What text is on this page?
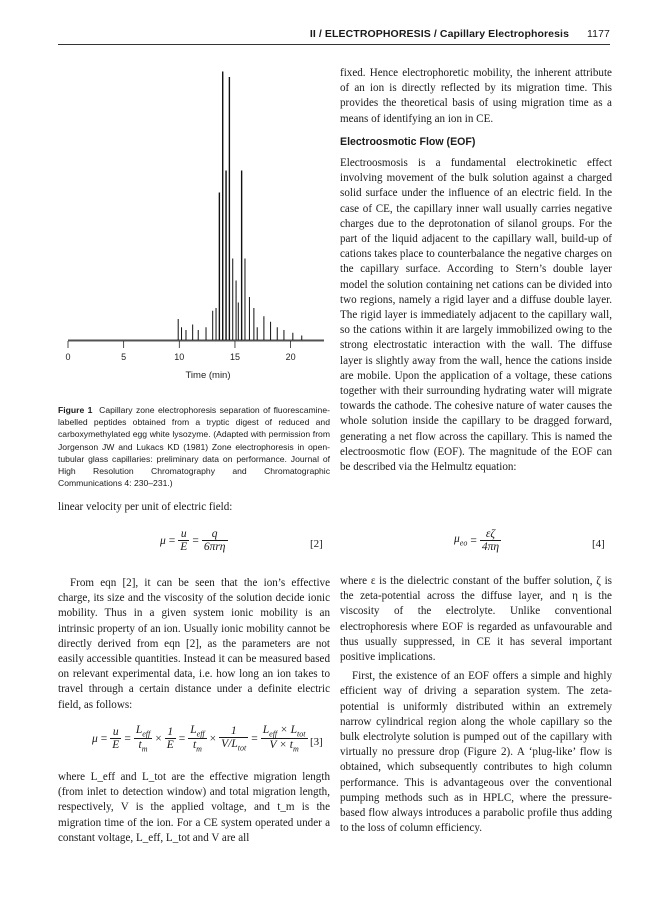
II / ELECTROPHORESIS / Capillary Electrophoresis 1177
0	5	10	15	20
Time (min)
Figure 1 Capillary zone electrophoresis separation of fluorescamine-labelled peptides obtained from a tryptic digest of reduced and carboxymethylated egg white lysozyme. (Adapted with permission from Jorgenson JW and Lukacs KD (1981) Zone electrophoresis in open-tubular glass capillaries: preliminary data on performance. Journal of High Resolution Chromatography and Chromatographic Communications 4: 230–231.)

linear velocity per unit of electric field:

$\mu = \frac{u}{E} = \frac{q}{\text{6πrη}}$	[2]

From eqn [2], it can be seen that the ion’s effective charge, its size and the viscosity of the solution decide ionic mobility. Thus in a given system ionic mobility is an intrinsic property of an ion. Usually ionic mobility cannot be directly derived from eqn [2], as the parameters are not easily accessible quantities. Instead it can be measured based on relevant experimental data, i.e. how long an ion takes to travel through a certain distance under a definite electric field, as follows:

$\mu = \frac{u}{E} = \frac{L_{eff}}{t_m} \times \frac{1}{E} = \frac{L_{eff}}{t_m} \times \frac{1}{V/L_{tot}} = \frac{L_{eff} \times L_{tot}}{V \times t_m} [3]$

where L_eff and L_tot are the effective migration length (from inlet to detection window) and total migration length, respectively, V is the applied voltage, and t_m is the migration time of the ion. For a CE system operated under a constant voltage, L_eff, L_tot and V are all

fixed. Hence electrophoretic mobility, the inherent attribute of an ion is directly reflected by its migration time. This provides the theoretical basis of using migration time as a means of identifying an ion in CE.

Electroosmotic Flow (EOF)

Electroosmosis is a fundamental electrokinetic effect involving movement of the bulk solution against a charged solid surface under the influence of an electric field. In the case of CE, the capillary inner wall usually carries negative charges due to the deprotonation of silanol groups. For the part of the liquid adjacent to the capillary wall, build-up of cations takes place to counterbalance the negative charges on the capillary surface. According to Stern’s double layer model the solution containing net cations can be divided into two regions, namely a rigid layer and a diffuse double layer. The rigid layer is immediately adjacent to the capillary wall, so the cations within it are largely immobilized owing to the strong electrostatic interaction with the wall. The diffuse layer is slightly away from the wall, hence the cations inside are mobile. Upon the application of a voltage, these cations together with their surrounding hydrating water will migrate towards the cathode. The cohesive nature of water causes the whole solution inside the capillary to be dragged forward, generating a net flow across the capillary. This is named the electroosmotic flow (EOF). The magnitude of the EOF can be described via the Helmultz equation:

$\mu_{eo} = \frac{\varepsilon\zeta}{4\pi\eta}$	[4]

where ε is the dielectric constant of the buffer solution, ζ is the zeta-potential across the diffuse layer, and η is the viscosity of the electrolyte. Unlike conventional electrophoresis where EOF is regarded as unfavourable and thus usually suppressed, in CE it has several important positive implications.

First, the existence of an EOF offers a simple and highly efficient way of driving a separation system. The zeta-potential is uniformly distributed within an extremely narrow cylindrical region along the whole capillary so the bulk electrolyte solution is pumped out of the capillary with virtually no pressure drop (Figure 2). A ‘plug-like’ flow is obtained, which subsequently contributes to high column performance. This is advantageous over the conventional pumping methods such as in HPLC, where the pressure-based flow always introduces a parabolic profile thus adding to the loss of column efficiency.
